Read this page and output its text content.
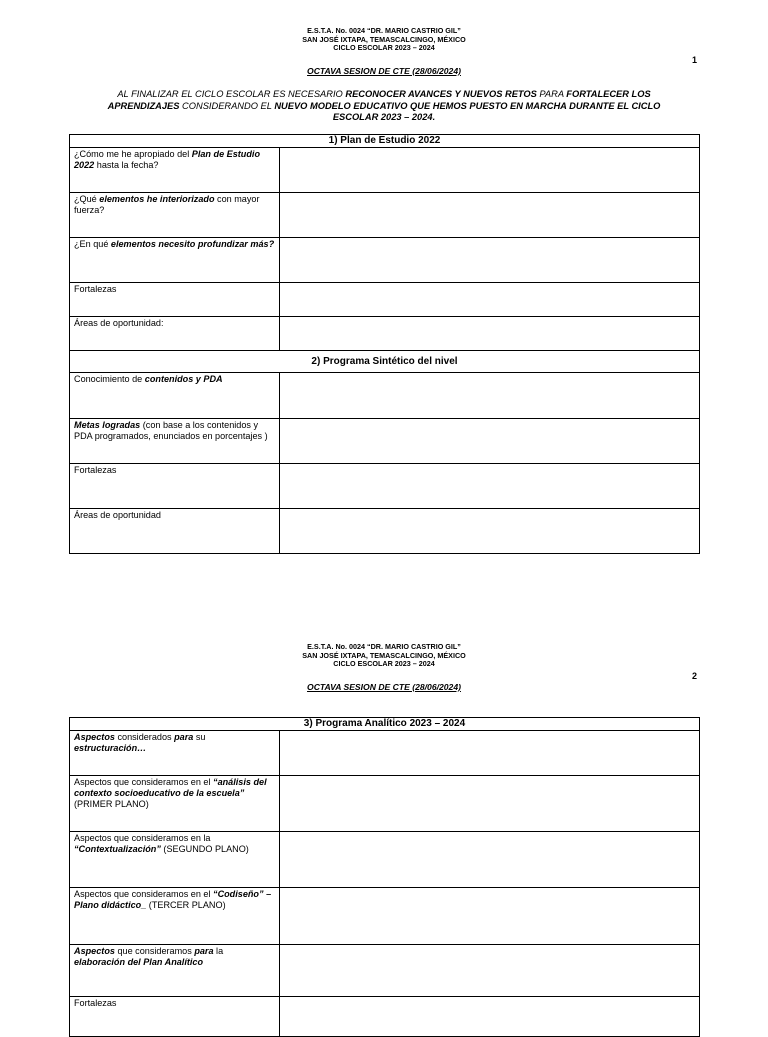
E.S.T.A. No. 0024 “DR. MARIO CASTRIO GIL”
SAN JOSÉ IXTAPA, TEMASCALCINGO, MÉXICO
CICLO ESCOLAR 2023 – 2024
1
OCTAVA SESION DE CTE (28/06/2024)
AL FINALIZAR EL CICLO ESCOLAR ES NECESARIO RECONOCER AVANCES Y NUEVOS RETOS PARA FORTALECER LOS APRENDIZAJES CONSIDERANDO EL NUEVO MODELO EDUCATIVO QUE HEMOS PUESTO EN MARCHA DURANTE EL CICLO ESCOLAR 2023 – 2024.
1) Plan de Estudio 2022	
¿Cómo me he apropiado del Plan de Estudio 2022 hasta la fecha?	
¿Qué elementos he interiorizado con mayor fuerza?	
¿En qué elementos necesito profundizar más?	
Fortalezas	
Áreas de oportunidad:	
2) Programa Sintético del nivel	
Conocimiento de contenidos y PDA	
Metas logradas (con base a los contenidos y PDA programados, enunciados en porcentajes )	
Fortalezas	
Áreas de oportunidad	
E.S.T.A. No. 0024 “DR. MARIO CASTRIO GIL”
SAN JOSÉ IXTAPA, TEMASCALCINGO, MÉXICO
CICLO ESCOLAR 2023 – 2024
2
OCTAVA SESION DE CTE (28/06/2024)
3) Programa Analítico 2023 – 2024	
Aspectos considerados para su estructuración…	
Aspectos que consideramos en el “análisis del contexto socioeducativo de la escuela” (PRIMER PLANO)	
Aspectos que consideramos en la “Contextualización” (SEGUNDO PLANO)	
Aspectos que consideramos en el “Codiseño” –Plano didáctico_ (TERCER PLANO)	
Aspectos que consideramos para la elaboración del Plan Analítico	
Fortalezas	
